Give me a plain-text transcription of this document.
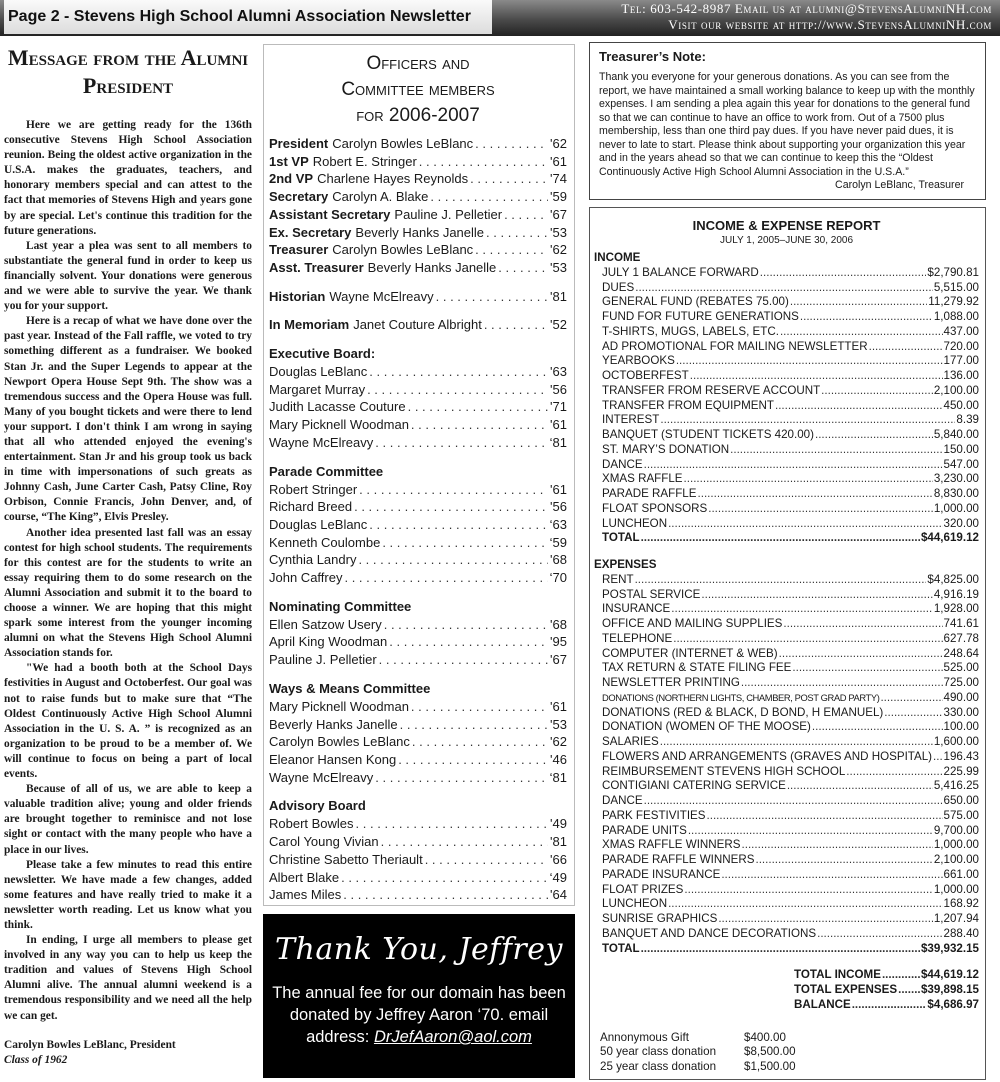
Page 2 - Stevens High School Alumni Association Newsletter	Tel: 603-542-8987 Email us at alumni@StevensAlumniNH.com
Visit our website at http://www.StevensAlumniNH.com
Message from the Alumni President

Here we are getting ready for the 136th consecutive Stevens High School Association reunion. Being the oldest active organization in the U.S.A. makes the graduates, teachers, and honorary members special and can attest to the fact that memories of Stevens High and years gone by are special. Let's continue this tradition for the future generations.

Last year a plea was sent to all members to substantiate the general fund in order to keep us financially solvent. Your donations were generous and we were able to survive the year. We thank you for your support.

Here is a recap of what we have done over the past year. Instead of the Fall raffle, we voted to try something different as a fundraiser. We booked Stan Jr. and the Super Legends to appear at the Newport Opera House Sept 9th. The show was a tremendous success and the Opera House was full. Many of you bought tickets and were there to lend your support. I don't think I am wrong in saying that all who attended enjoyed the evening's entertainment. Stan Jr and his group took us back in time with impersonations of such greats as Johnny Cash, June Carter Cash, Patsy Cline, Roy Orbison, Connie Francis, John Denver, and, of course, “The King”, Elvis Presley.

Another idea presented last fall was an essay contest for high school students. The requirements for this contest are for the students to write an essay requiring them to do some research on the Alumni Association and submit it to the board to choose a winner. We are hoping that this might spark some interest from the younger incoming alumni on what the Stevens High School Alumni Association stands for.

"We had a booth both at the School Days festivities in August and Octoberfest. Our goal was not to raise funds but to make sure that “The Oldest Continuously Active High School Alumni Association in the U. S. A. ” is recognized as an organization to be proud to be a member of. We will continue to focus on being a part of local events.

Because of all of us, we are able to keep a valuable tradition alive; young and older friends are brought together to reminisce and not lose sight or contact with the many people who have a place in our lives.

Please take a few minutes to read this entire newsletter. We have made a few changes, added some features and have really tried to make it a newsletter worth reading. Let us know what you think.

In ending, I urge all members to please get involved in any way you can to help us keep the tradition and values of Stevens High School Alumni alive. The annual alumni weekend is a tremendous responsibility and we need all the help we can get.

Carolyn Bowles LeBlanc, President

Class of 1962

Officers and
Committee members
for 2006-2007
President Carolyn Bowles LeBlanc . . .	'62
1st VP Robert E. Stringer . . .	'61
2nd VP Charlene Hayes Reynolds . . .	'74
Secretary Carolyn A. Blake . . .	'59
Assistant Secretary Pauline J. Pelletier . . .	'67
Ex. Secretary Beverly Hanks Janelle . . .	'53
Treasurer Carolyn Bowles LeBlanc . . .	'62
Asst. Treasurer Beverly Hanks Janelle . . .	'53
Historian Wayne McElreavy . . .	'81
In Memoriam Janet Couture Albright . . .	'52
Executive Board:
Douglas LeBlanc . . .	'63
Margaret Murray . . .	'56
Judith Lacasse Couture . . .	'71
Mary Picknell Woodman . . .	'61
Wayne McElreavy . . .	‘81
Parade Committee
Robert Stringer . . .	'61
Richard Breed . . .	'56
Douglas LeBlanc . . .	‘63
Kenneth Coulombe . . .	‘59
Cynthia Landry . . .	'68
John Caffrey . . .	‘70
Nominating Committee
Ellen Satzow Usery . . .	'68
April King Woodman . . .	'95
Pauline J. Pelletier . . .	'67
Ways & Means Committee
Mary Picknell Woodman . . .	'61
Beverly Hanks Janelle . . .	'53
Carolyn Bowles LeBlanc . . .	'62
Eleanor Hansen Kong . . .	'46
Wayne McElreavy . . .	‘81
Advisory Board
Robert Bowles . . .	'49
Carol Young Vivian . . .	'81
Christine Sabetto Theriault . . .	'66
Albert Blake . . .	‘49
James Miles . . .	'64
Thank You, Jeffrey
The annual fee for our domain has been donated by Jeffrey Aaron ‘70. email address: DrJefAaron@aol.com
Treasurer’s Note:
Thank you everyone for your generous donations. As you can see from the report, we have maintained a small working balance to keep up with the monthly expenses. I am sending a plea again this year for donations to the general fund so that we can continue to have an office to work from. Out of a 7500 plus membership, less than one third pay dues. If you have never paid dues, it is never to late to start. Please think about supporting your organization this year and in the years ahead so that we can continue to keep this the “Oldest Continuously Active High School Alumni Association in the U.S.A.”
Carolyn LeBlanc, Treasurer
INCOME & EXPENSE REPORT
JULY 1, 2005–JUNE 30, 2006
INCOME
JULY 1 BALANCE FORWARD .....	$2,790.81
DUES .....	5,515.00
GENERAL FUND (REBATES 75.00) .....	11,279.92
FUND FOR FUTURE GENERATIONS .....	1,088.00
T-SHIRTS, MUGS, LABELS, ETC. .....	437.00
AD PROMOTIONAL FOR MAILING NEWSLETTER .....	720.00
YEARBOOKS .....	177.00
OCTOBERFEST .....	136.00
TRANSFER FROM RESERVE ACCOUNT .....	2,100.00
TRANSFER FROM EQUIPMENT .....	450.00
INTEREST .....	8.39
BANQUET (STUDENT TICKETS 420.00) .....	5,840.00
ST. MARY’S DONATION .....	150.00
DANCE .....	547.00
XMAS RAFFLE .....	3,230.00
PARADE RAFFLE .....	8,830.00
FLOAT SPONSORS .....	1,000.00
LUNCHEON .....	320.00
TOTAL .....	$44,619.12
EXPENSES
RENT .....	$4,825.00
POSTAL SERVICE .....	4,916.19
INSURANCE .....	1,928.00
OFFICE AND MAILING SUPPLIES .....	741.61
TELEPHONE .....	627.78
COMPUTER (INTERNET & WEB) .....	248.64
TAX RETURN & STATE FILING FEE .....	525.00
NEWSLETTER PRINTING .....	725.00
DONATIONS (NORTHERN LIGHTS, CHAMBER, POST GRAD PARTY) .....	490.00
DONATIONS (RED & BLACK, D BOND, H EMANUEL) .....	330.00
DONATION (WOMEN OF THE MOOSE) .....	100.00
SALARIES .....	1,600.00
FLOWERS AND ARRANGEMENTS (GRAVES AND HOSPITAL) ..... 196.43
REIMBURSEMENT STEVENS HIGH SCHOOL .....	225.99
CONTIGIANI CATERING SERVICE .....	5,416.25
DANCE .....	650.00
PARK FESTIVITIES .....	575.00
PARADE UNITS .....	9,700.00
XMAS RAFFLE WINNERS .....	1,000.00
PARADE RAFFLE WINNERS .....	2,100.00
PARADE INSURANCE .....	661.00
FLOAT PRIZES .....	1,000.00
LUNCHEON .....	168.92
SUNRISE GRAPHICS .....	1,207.94
BANQUET AND DANCE DECORATIONS .....	288.40
TOTAL .....	$39,932.15
TOTAL INCOME .....	$44,619.12
TOTAL EXPENSES ..... $39,898.15
BALANCE .....	$4,686.97
Annonymous Gift	$400.00
50 year class donation	$8,500.00
25 year class donation	$1,500.00
